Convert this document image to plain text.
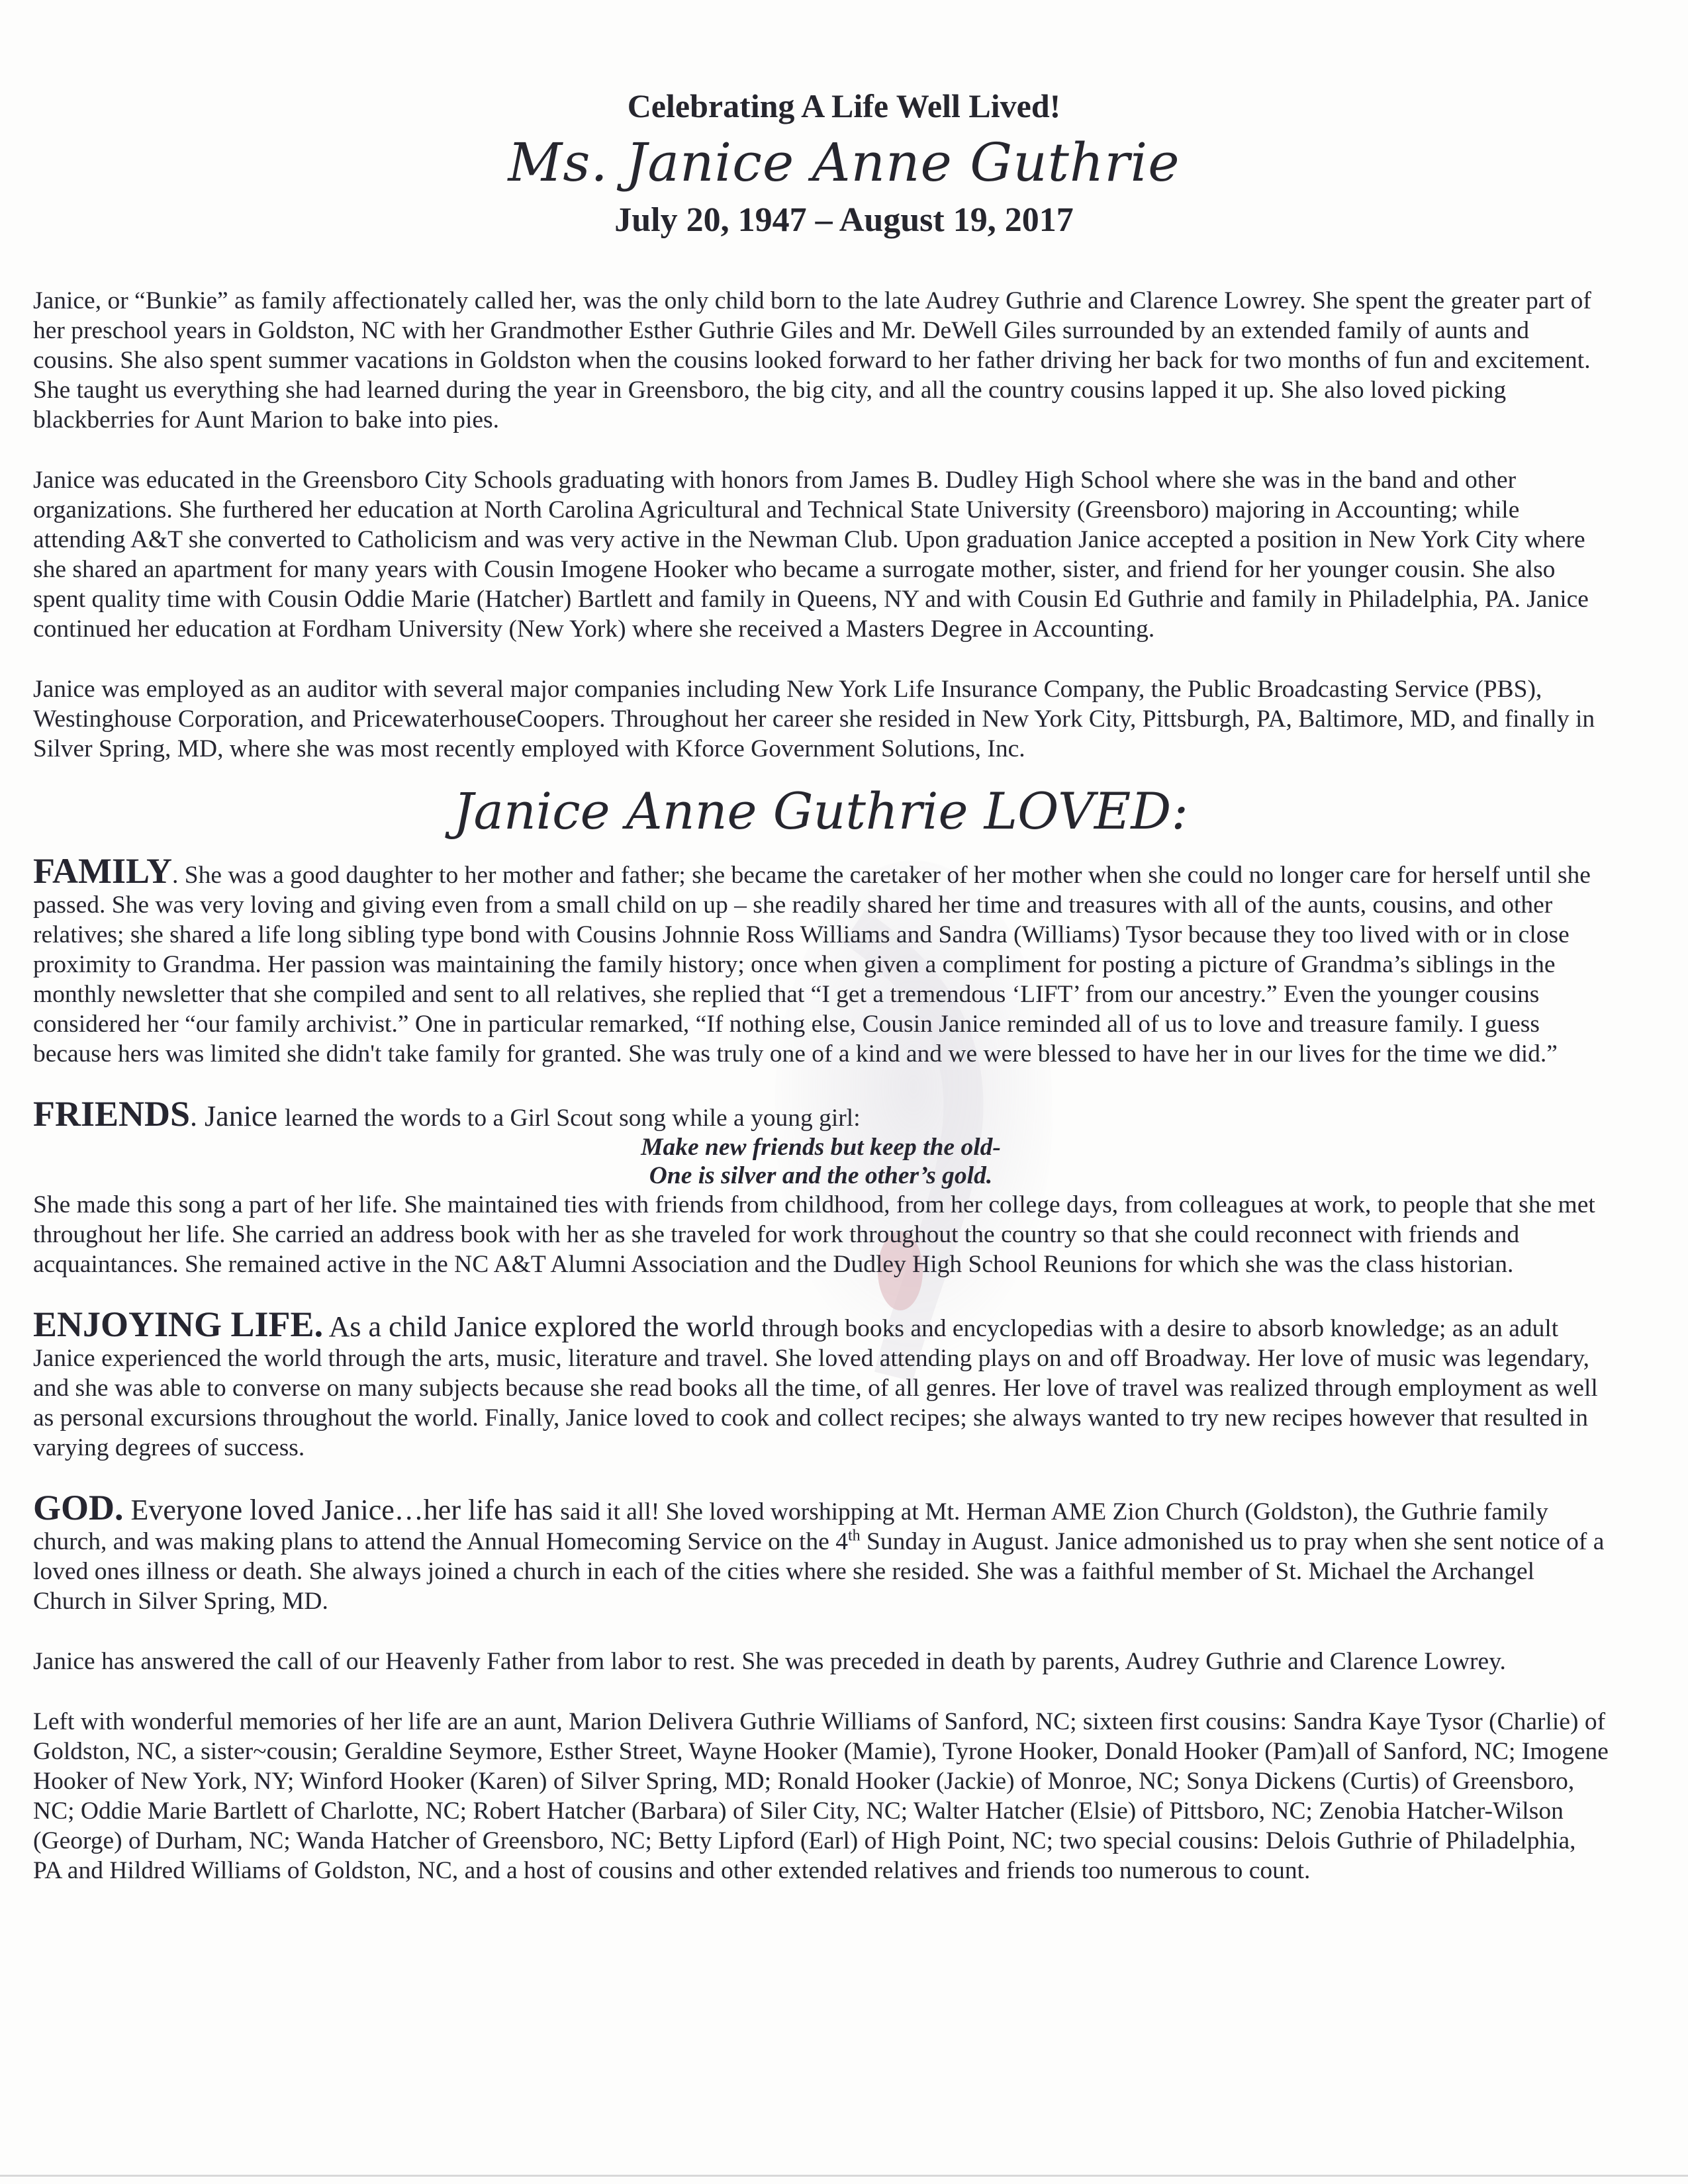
Celebrating A Life Well Lived!
Ms. Janice Anne Guthrie
July 20, 1947 – August 19, 2017

Janice, or “Bunkie” as family affectionately called her, was the only child born to the late Audrey Guthrie and Clarence Lowrey. She spent the greater part of her preschool years in Goldston, NC with her Grandmother Esther Guthrie Giles and Mr. DeWell Giles surrounded by an extended family of aunts and cousins. She also spent summer vacations in Goldston when the cousins looked forward to her father driving her back for two months of fun and excitement. She taught us everything she had learned during the year in Greensboro, the big city, and all the country cousins lapped it up. She also loved picking blackberries for Aunt Marion to bake into pies.

Janice was educated in the Greensboro City Schools graduating with honors from James B. Dudley High School where she was in the band and other organizations. She furthered her education at North Carolina Agricultural and Technical State University (Greensboro) majoring in Accounting; while attending A&T she converted to Catholicism and was very active in the Newman Club. Upon graduation Janice accepted a position in New York City where she shared an apartment for many years with Cousin Imogene Hooker who became a surrogate mother, sister, and friend for her younger cousin. She also spent quality time with Cousin Oddie Marie (Hatcher) Bartlett and family in Queens, NY and with Cousin Ed Guthrie and family in Philadelphia, PA. Janice continued her education at Fordham University (New York) where she received a Masters Degree in Accounting.

Janice was employed as an auditor with several major companies including New York Life Insurance Company, the Public Broadcasting Service (PBS), Westinghouse Corporation, and PricewaterhouseCoopers. Throughout her career she resided in New York City, Pittsburgh, PA, Baltimore, MD, and finally in Silver Spring, MD, where she was most recently employed with Kforce Government Solutions, Inc.

Janice Anne Guthrie LOVED:
FAMILY. She was a good daughter to her mother and father; she became the caretaker of her mother when she could no longer care for herself until she passed. She was very loving and giving even from a small child on up – she readily shared her time and treasures with all of the aunts, cousins, and other relatives; she shared a life long sibling type bond with Cousins Johnnie Ross Williams and Sandra (Williams) Tysor because they too lived with or in close proximity to Grandma. Her passion was maintaining the family history; once when given a compliment for posting a picture of Grandma’s siblings in the monthly newsletter that she compiled and sent to all relatives, she replied that “I get a tremendous ‘LIFT’ from our ancestry.” Even the younger cousins considered her “our family archivist.” One in particular remarked, “If nothing else, Cousin Janice reminded all of us to love and treasure family. I guess because hers was limited she didn't take family for granted. She was truly one of a kind and we were blessed to have her in our lives for the time we did.”
FRIENDS. Janice learned the words to a Girl Scout song while a young girl:
Make new friends but keep the old-
One is silver and the other’s gold.
She made this song a part of her life. She maintained ties with friends from childhood, from her college days, from colleagues at work, to people that she met throughout her life. She carried an address book with her as she traveled for work throughout the country so that she could reconnect with friends and acquaintances. She remained active in the NC A&T Alumni Association and the Dudley High School Reunions for which she was the class historian.
ENJOYING LIFE. As a child Janice explored the world through books and encyclopedias with a desire to absorb knowledge; as an adult Janice experienced the world through the arts, music, literature and travel. She loved attending plays on and off Broadway. Her love of music was legendary, and she was able to converse on many subjects because she read books all the time, of all genres. Her love of travel was realized through employment as well as personal excursions throughout the world. Finally, Janice loved to cook and collect recipes; she always wanted to try new recipes however that resulted in varying degrees of success.
GOD. Everyone loved Janice…her life has said it all! She loved worshipping at Mt. Herman AME Zion Church (Goldston), the Guthrie family church, and was making plans to attend the Annual Homecoming Service on the 4th Sunday in August. Janice admonished us to pray when she sent notice of a loved ones illness or death. She always joined a church in each of the cities where she resided. She was a faithful member of St. Michael the Archangel Church in Silver Spring, MD.

Janice has answered the call of our Heavenly Father from labor to rest. She was preceded in death by parents, Audrey Guthrie and Clarence Lowrey.

Left with wonderful memories of her life are an aunt, Marion Delivera Guthrie Williams of Sanford, NC; sixteen first cousins: Sandra Kaye Tysor (Charlie) of Goldston, NC, a sister~cousin; Geraldine Seymore, Esther Street, Wayne Hooker (Mamie), Tyrone Hooker, Donald Hooker (Pam)all of Sanford, NC; Imogene Hooker of New York, NY; Winford Hooker (Karen) of Silver Spring, MD; Ronald Hooker (Jackie) of Monroe, NC; Sonya Dickens (Curtis) of Greensboro, NC; Oddie Marie Bartlett of Charlotte, NC; Robert Hatcher (Barbara) of Siler City, NC; Walter Hatcher (Elsie) of Pittsboro, NC; Zenobia Hatcher-Wilson (George) of Durham, NC; Wanda Hatcher of Greensboro, NC; Betty Lipford (Earl) of High Point, NC; two special cousins: Delois Guthrie of Philadelphia, PA and Hildred Williams of Goldston, NC, and a host of cousins and other extended relatives and friends too numerous to count.
